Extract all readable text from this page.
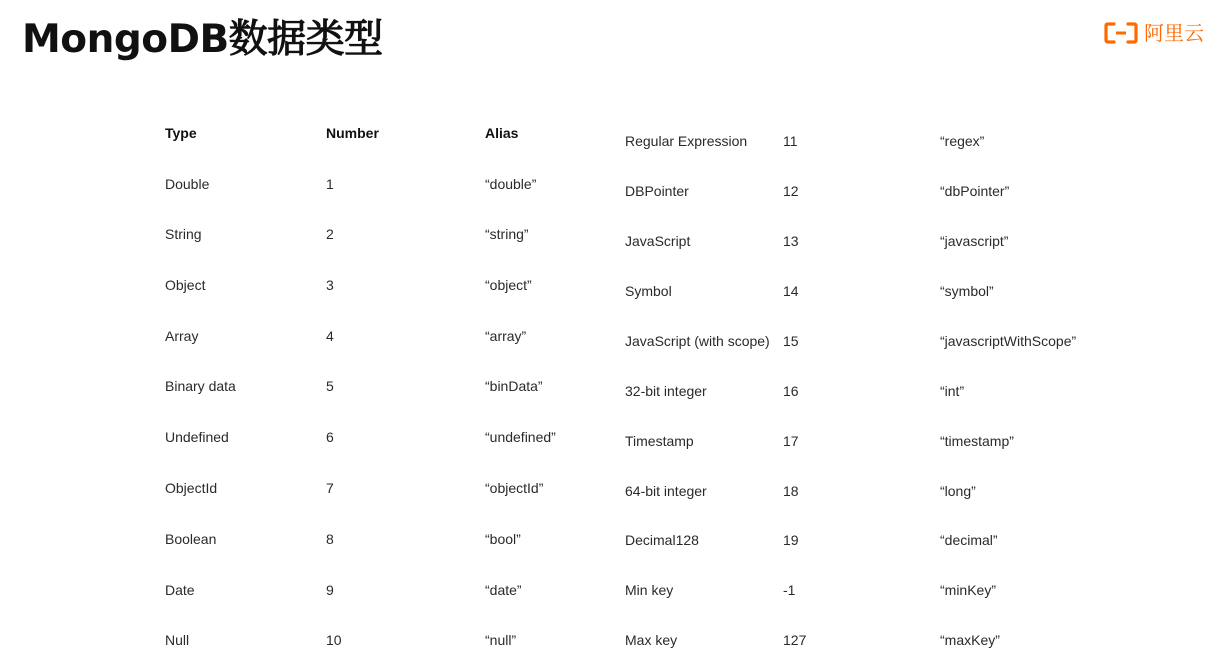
MongoDB数据类型	阿里云
Type	Number	Alias
Double	1	“double”
String	2	“string”
Object	3	“object”
Array	4	“array”
Binary data	5	“binData”
Undefined	6	“undefined”
ObjectId	7	“objectId”
Boolean	8	“bool”
Date	9	“date”
Null	10	“null”
Regular Expression	11	“regex”
DBPointer	12	“dbPointer”
JavaScript	13	“javascript”
Symbol	14	“symbol”
JavaScript (with scope) 15	“javascriptWithScope”
32-bit integer	16	“int”
Timestamp	17	“timestamp”
64-bit integer	18	“long”
Decimal128	19	“decimal”
Min key	-1	“minKey”
Max key	127	“maxKey”
